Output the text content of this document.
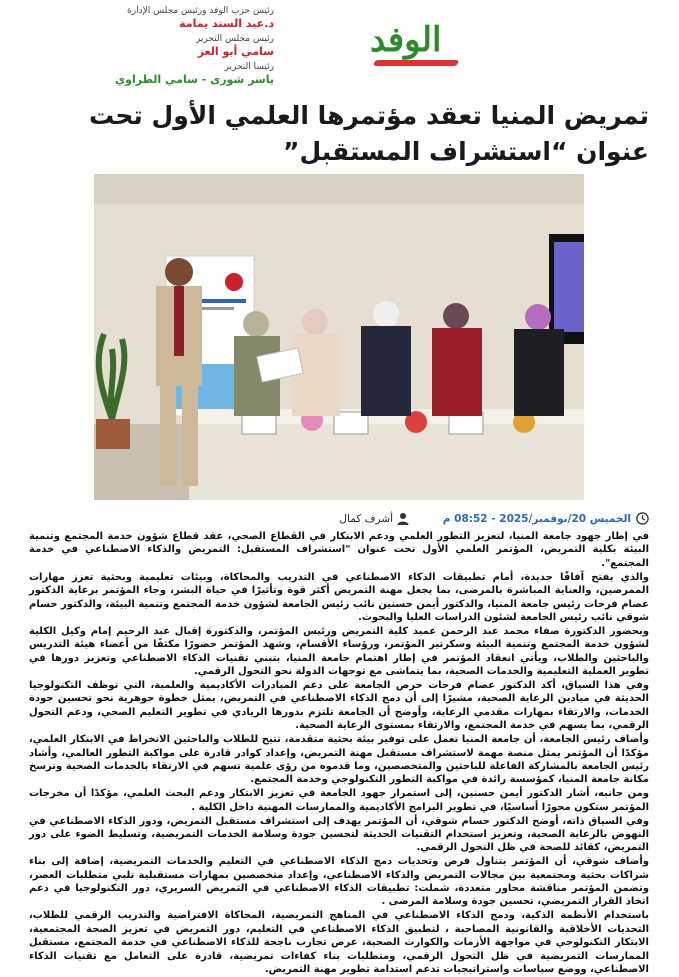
رئيس حزب الوفد ورئيس مجلس الإدارة
د.عبد السند يمامة
رئيس مجلس التحرير
سامي أبو العز
رئيسا التحرير
ياسر شورى - سامي الطراوي
الوفد
تمريض المنيا تعقد مؤتمرها العلمي الأول تحت عنوان “استشراف المستقبل”
الخميس 20/نوفمبر/2025 - 08:52 م
أشرف كمال

في إطار جهود جامعة المنيا، لتعزيز التطور العلمي ودعم الابتكار في القطاع الصحي، عقد قطاع شؤون خدمة المجتمع وتنمية البيئة بكلية التمريض، المؤتمر العلمي الأول تحت عنوان "استشراف المستقبل: التمريض والذكاء الاصطناعي في خدمة المجتمع".

والذي يفتح آفاقًا جديدة، أمام تطبيقات الذكاء الاصطناعي في التدريب والمحاكاة، وبيئات تعليمية وبحثية تعزز مهارات الممرضين، والعناية المباشرة بالمرضى، بما يجعل مهنة التمريض أكثر قوة وتأثيرًا في حياة البشر، وجاء المؤتمر برعاية الدكتور عصام فرحات رئيس جامعة المنيا، والدكتور أيمن حسنين نائب رئيس الجامعة لشؤون خدمة المجتمع وتنمية البيئة، والدكتور حسام شوقي نائب رئيس الجامعة لشئون الدراسات العليا والبحوث.

وبحضور الدكتورة صفاء محمد عبد الرحمن عميد كلية التمريض ورئيس المؤتمر، والدكتورة إقبال عبد الرحيم إمام وكيل الكلية لشؤون خدمة المجتمع وتنمية البيئة وسكرتير المؤتمر، ورؤساء الأقسام، وشهد المؤتمر حضورًا مكثفًا من أعضاء هيئة التدريس والباحثين والطلاب، ويأتي انعقاد المؤتمر في إطار اهتمام جامعة المنيا، بتبني تقنيات الذكاء الاصطناعي وتعزيز دورها في تطوير العملية التعليمية والخدمات الصحية، بما يتماشى مع توجهات الدولة نحو التحول الرقمي.

وفي هذا السياق، أكد الدكتور عصام فرحات حرص الجامعة على دعم المبادرات الأكاديمية والعلمية، التي توظف التكنولوجيا الحديثة في ميادين الرعاية الصحية، مشيرًا إلى أن دمج الذكاء الاصطناعي في التمريض، يمثل خطوة جوهرية نحو تحسين جودة الخدمات، والارتقاء بمهارات مقدمي الرعاية، وأوضح أن الجامعة تلتزم بدورها الريادي في تطوير التعليم الصحي، ودعم التحول الرقمي، بما يسهم في خدمة المجتمع، والارتقاء بمستوى الرعاية الصحية.

وأضاف رئيس الجامعة، أن جامعة المنيا تعمل على توفير بيئة بحثية متقدمة، تتيح للطلاب والباحثين الانخراط في الابتكار العلمي، مؤكدًا أن المؤتمر يمثل منصة مهمة لاستشراف مستقبل مهنة التمريض، وإعداد كوادر قادرة على مواكبة التطور العالمي، وأشاد رئيس الجامعة بالمشاركة الفاعلة للباحثين والمتخصصين، وما قدموه من رؤى علمية تسهم في الارتقاء بالخدمات الصحية وترسخ مكانة جامعة المنيا، كمؤسسة رائدة في مواكبة التطور التكنولوجي وخدمة المجتمع.

ومن جانبه، أشار الدكتور أيمن حسنين، إلى استمرار جهود الجامعة في تعزيز الابتكار ودعم البحث العلمي، مؤكدًا أن مخرجات المؤتمر ستكون محورًا أساسيًا، في تطوير البرامج الأكاديمية والممارسات المهنية داخل الكلية .

وفي السياق ذاته، أوضح الدكتور حسام شوقي، أن المؤتمر يهدف إلى استشراف مستقبل التمريض، ودور الذكاء الاصطناعي في النهوض بالرعاية الصحية، وتعزيز استخدام التقنيات الحديثة لتحسين جودة وسلامة الخدمات التمريضية، وتسليط الضوء على دور التمريض، كقائد للصحة في ظل التحول الرقمي.

وأضاف شوقي، أن المؤتمر يتناول فرص وتحديات دمج الذكاء الاصطناعي في التعليم والخدمات التمريضية، إضافة إلى بناء شراكات بحثية ومجتمعية بين مجالات التمريض والذكاء الاصطناعي، وإعداد متخصصين بمهارات مستقبلية تلبي متطلبات العصر، وتضمن المؤتمر مناقشة محاور متعددة، شملت: تطبيقات الذكاء الاصطناعي في التمريض السريري، دور التكنولوجيا في دعم اتخاذ القرار التمريضي، تحسين جودة وسلامة المرضى .

باستخدام الأنظمة الذكية، ودمج الذكاء الاصطناعي في المناهج التمريضية، المحاكاة الافتراضية والتدريب الرقمي للطلاب، التحديات الأخلاقية والقانونية المصاحبة ، لتطبيق الذكاء الاصطناعي في التعليم، دور التمريض في تعزيز الصحة المجتمعية، الابتكار التكنولوجي في مواجهة الأزمات والكوارث الصحية، عرض تجارب ناجحة للذكاء الاصطناعي في خدمة المجتمع، مستقبل الممارسات التمريضية في ظل التحول الرقمي، ومتطلبات بناء كفاءات تمريضية، قادرة على التعامل مع تقنيات الذكاء الاصطناعي، ووضع سياسات واستراتيجيات تدعم استدامة تطوير مهنة التمريض.
